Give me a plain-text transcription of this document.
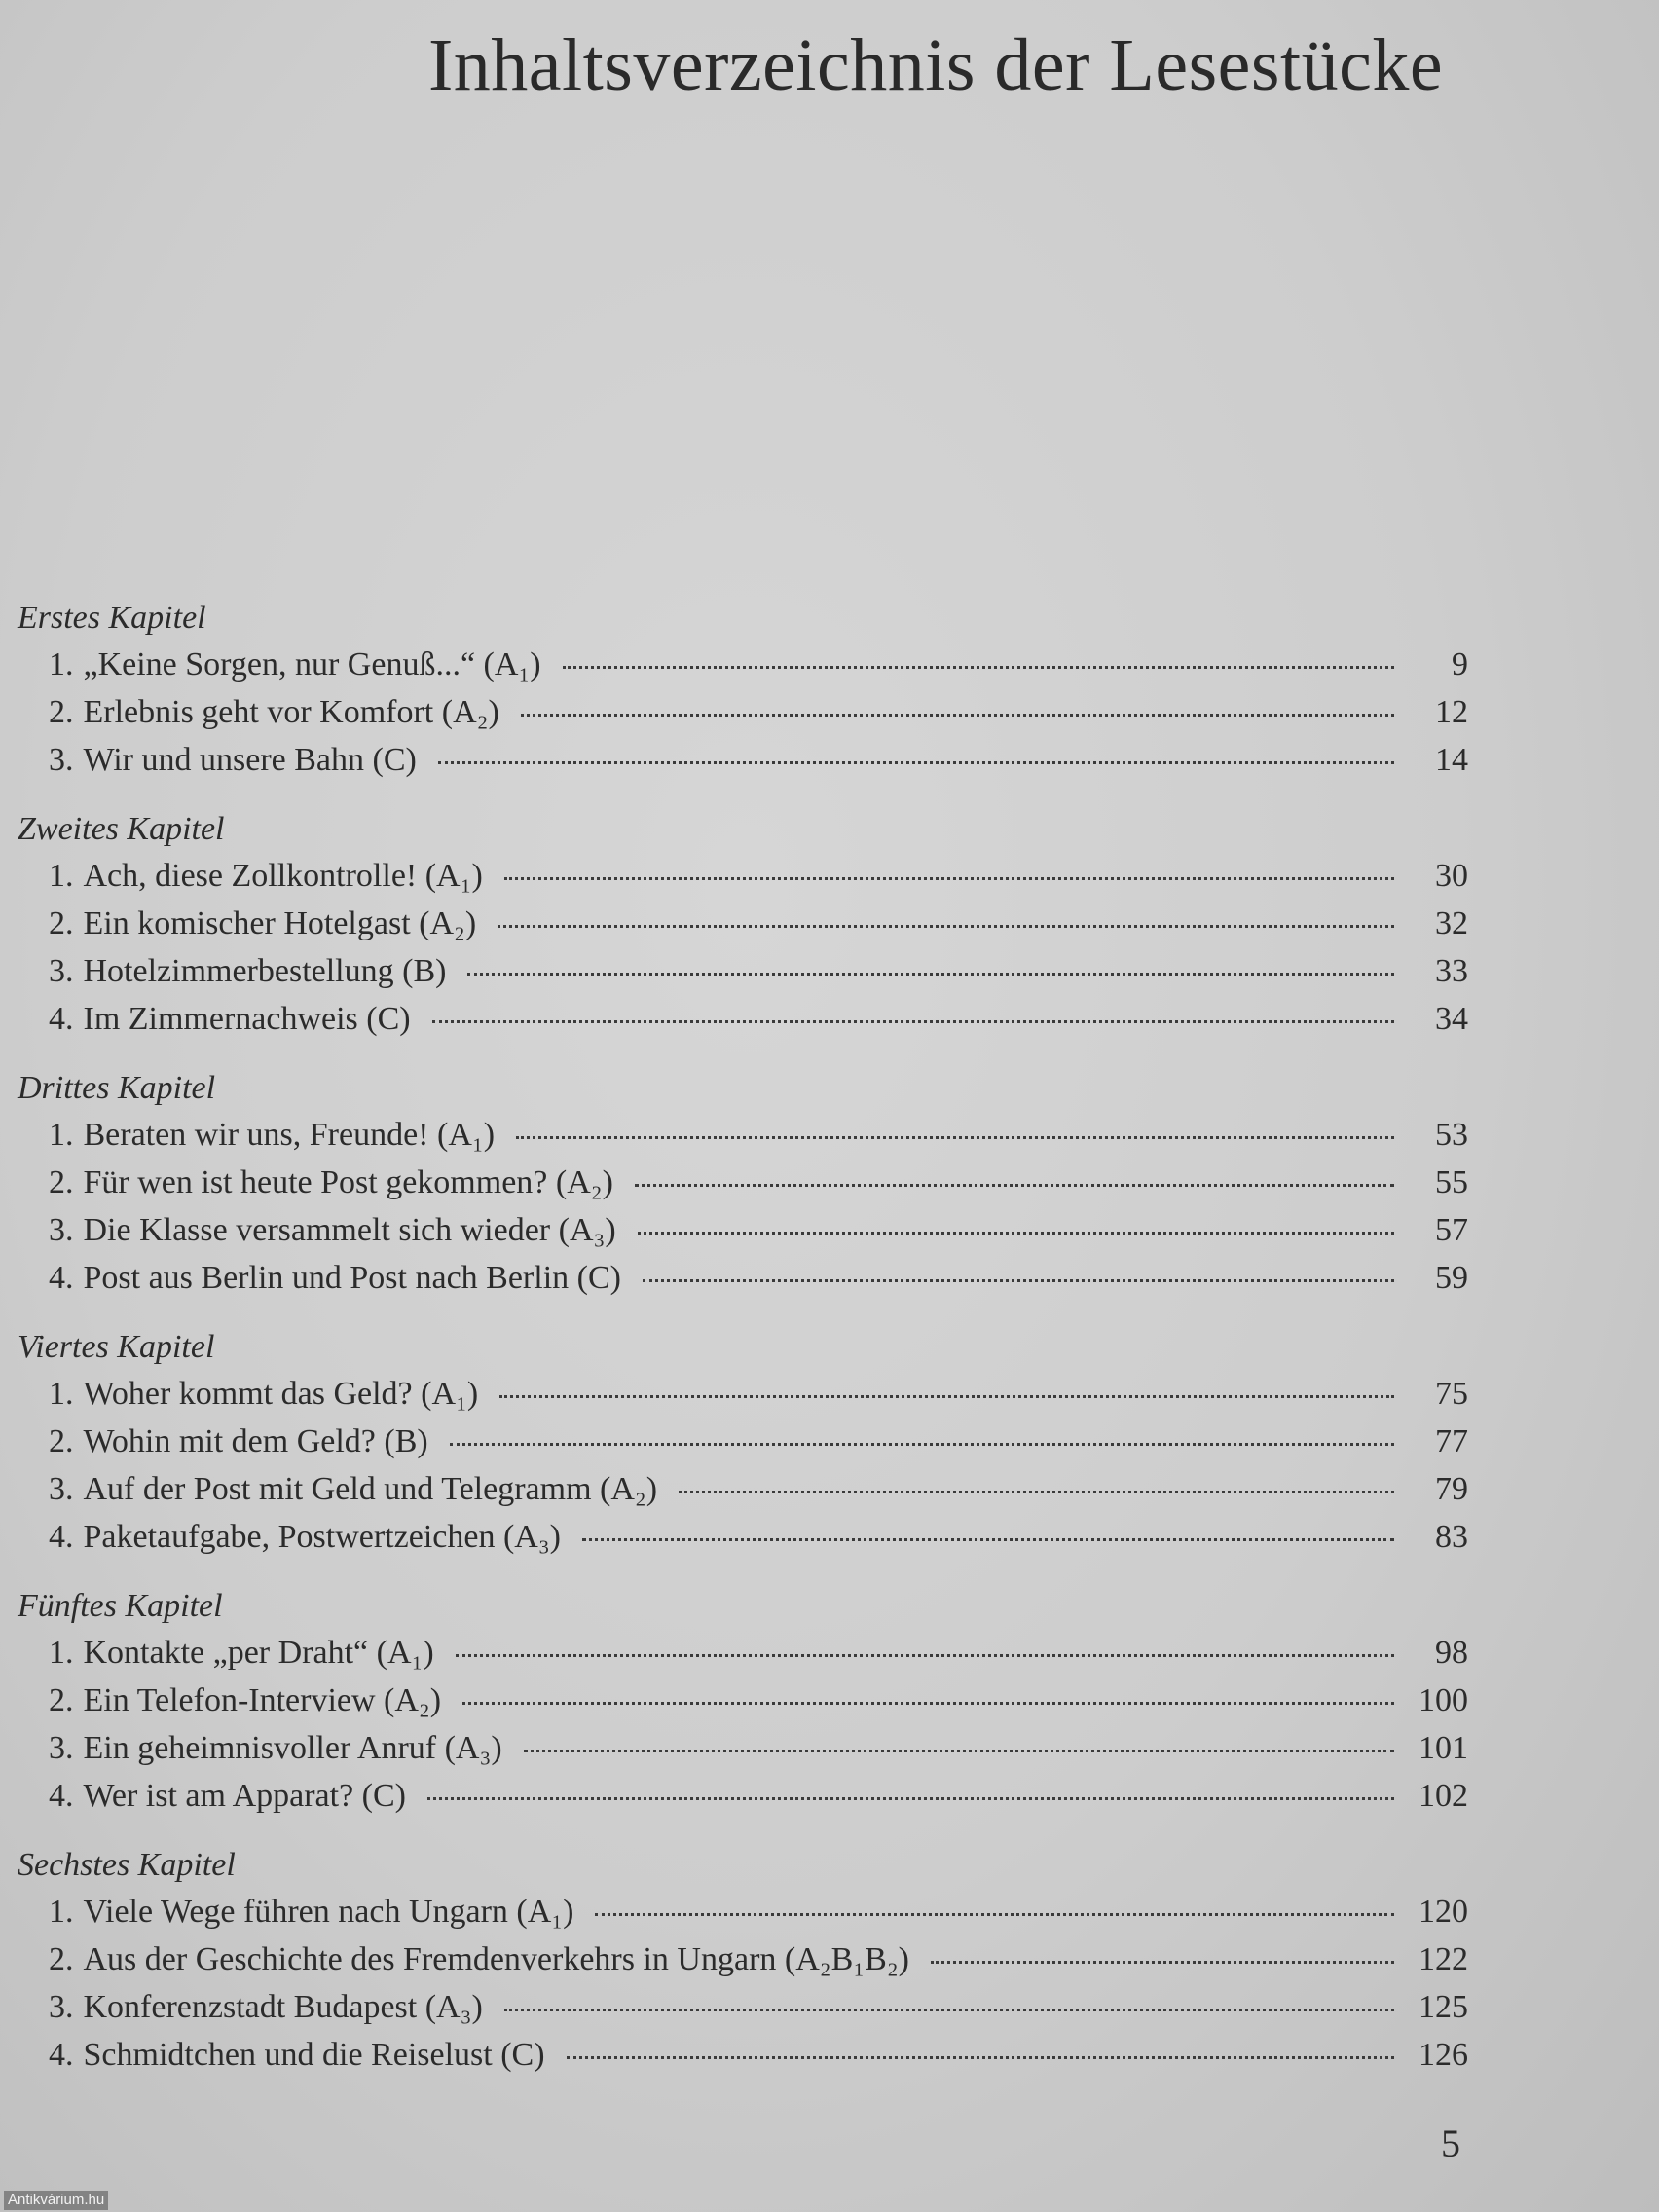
Inhaltsverzeichnis der Lesestücke
Erstes Kapitel
1. „Keine Sorgen, nur Genuß...“ (A₁)	9
2. Erlebnis geht vor Komfort (A₂)	12
3. Wir und unsere Bahn (C)	14
Zweites Kapitel
1. Ach, diese Zollkontrolle! (A₁)	30
2. Ein komischer Hotelgast (A₂)	32
3. Hotelzimmerbestellung (B)	33
4. Im Zimmernachweis (C)	34
Drittes Kapitel
1. Beraten wir uns, Freunde! (A₁)	53
2. Für wen ist heute Post gekommen? (A₂)	55
3. Die Klasse versammelt sich wieder (A₃)	57
4. Post aus Berlin und Post nach Berlin (C)	59
Viertes Kapitel
1. Woher kommt das Geld? (A₁)	75
2. Wohin mit dem Geld? (B)	77
3. Auf der Post mit Geld und Telegramm (A₂)	79
4. Paketaufgabe, Postwertzeichen (A₃)	83
Fünftes Kapitel
1. Kontakte „per Draht“ (A₁)	98
2. Ein Telefon-Interview (A₂)	100
3. Ein geheimnisvoller Anruf (A₃)	101
4. Wer ist am Apparat? (C)	102
Sechstes Kapitel
1. Viele Wege führen nach Ungarn (A₁)	120
2. Aus der Geschichte des Fremdenverkehrs in Ungarn (A₂B₁B₂)	122
3. Konferenzstadt Budapest (A₃)	125
4. Schmidtchen und die Reiselust (C)	126
5
Antikvárium.hu
